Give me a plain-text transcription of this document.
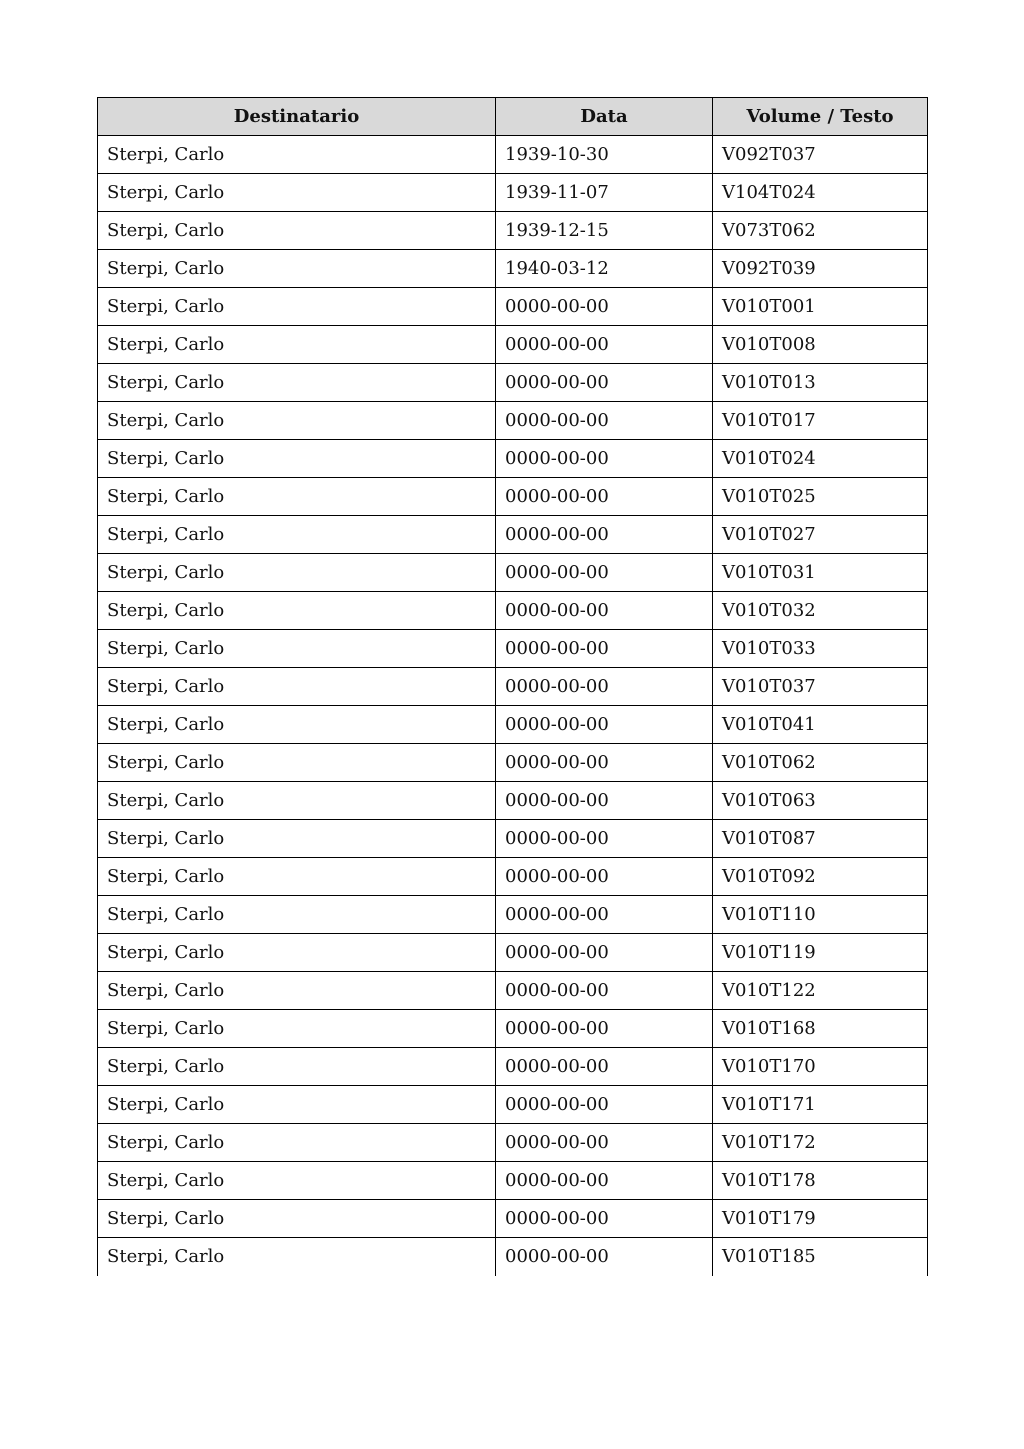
Destinatario	Data	Volume / Testo
Sterpi, Carlo	1939-10-30	V092T037
Sterpi, Carlo	1939-11-07	V104T024
Sterpi, Carlo	1939-12-15	V073T062
Sterpi, Carlo	1940-03-12	V092T039
Sterpi, Carlo	0000-00-00	V010T001
Sterpi, Carlo	0000-00-00	V010T008
Sterpi, Carlo	0000-00-00	V010T013
Sterpi, Carlo	0000-00-00	V010T017
Sterpi, Carlo	0000-00-00	V010T024
Sterpi, Carlo	0000-00-00	V010T025
Sterpi, Carlo	0000-00-00	V010T027
Sterpi, Carlo	0000-00-00	V010T031
Sterpi, Carlo	0000-00-00	V010T032
Sterpi, Carlo	0000-00-00	V010T033
Sterpi, Carlo	0000-00-00	V010T037
Sterpi, Carlo	0000-00-00	V010T041
Sterpi, Carlo	0000-00-00	V010T062
Sterpi, Carlo	0000-00-00	V010T063
Sterpi, Carlo	0000-00-00	V010T087
Sterpi, Carlo	0000-00-00	V010T092
Sterpi, Carlo	0000-00-00	V010T110
Sterpi, Carlo	0000-00-00	V010T119
Sterpi, Carlo	0000-00-00	V010T122
Sterpi, Carlo	0000-00-00	V010T168
Sterpi, Carlo	0000-00-00	V010T170
Sterpi, Carlo	0000-00-00	V010T171
Sterpi, Carlo	0000-00-00	V010T172
Sterpi, Carlo	0000-00-00	V010T178
Sterpi, Carlo	0000-00-00	V010T179
Sterpi, Carlo	0000-00-00	V010T185
